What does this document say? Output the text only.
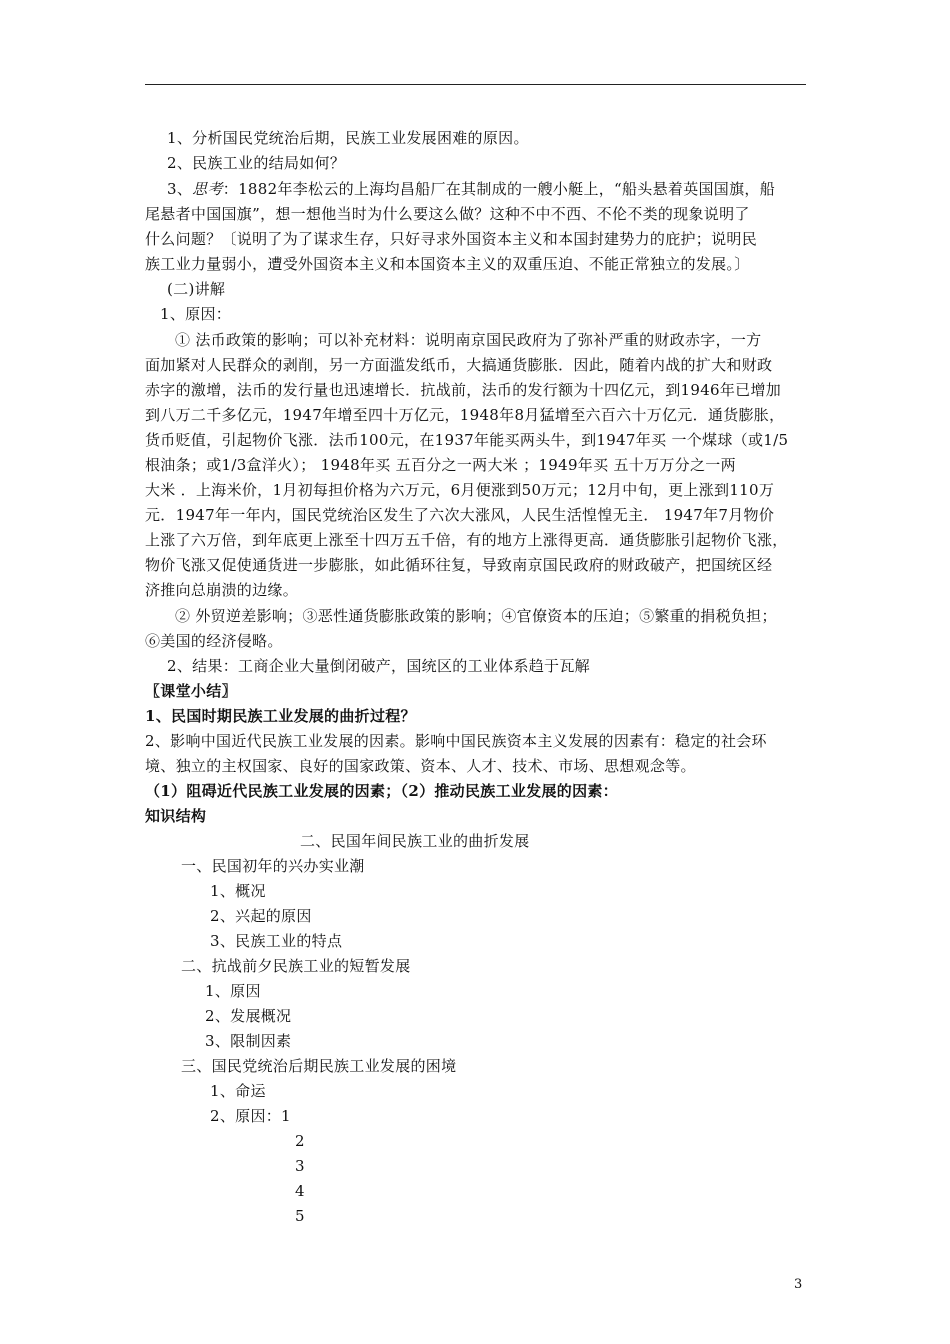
1、分析国民党统治后期，民族工业发展困难的原因。
2、民族工业的结局如何？
3、思考：1882年李松云的上海均昌船厂在其制成的一艘小艇上，“船头悬着英国国旗，船
尾悬者中国国旗”，想一想他当时为什么要这么做？这种不中不西、不伦不类的现象说明了
什么问题？〔说明了为了谋求生存，只好寻求外国资本主义和本国封建势力的庇护；说明民
族工业力量弱小，遭受外国资本主义和本国资本主义的双重压迫、不能正常独立的发展。〕
(二)讲解
1、原因：
① 法币政策的影响；可以补充材料：说明南京国民政府为了弥补严重的财政赤字，一方
面加紧对人民群众的剥削，另一方面滥发纸币，大搞通货膨胀．因此，随着内战的扩大和财政
赤字的激增，法币的发行量也迅速增长．抗战前，法币的发行额为十四亿元，到1946年已增加
到八万二千多亿元，1947年增至四十万亿元，1948年8月猛增至六百六十万亿元．通货膨胀，
货币贬值，引起物价飞涨．法币100元，在1937年能买两头牛，到1947年买 一个煤球（或1/5
根油条；或1/3盒洋火）； 1948年买 五百分之一两大米 ；1949年买 五十万万分之一两
大米 ．上海米价，1月初每担价格为六万元，6月便涨到50万元；12月中旬，更上涨到110万
元．1947年一年内，国民党统治区发生了六次大涨风，人民生活惶惶无主． 1947年7月物价
上涨了六万倍，到年底更上涨至十四万五千倍，有的地方上涨得更高．通货膨胀引起物价飞涨，
物价飞涨又促使通货进一步膨胀，如此循环往复，导致南京国民政府的财政破产，把国统区经
济推向总崩溃的边缘。
② 外贸逆差影响；③恶性通货膨胀政策的影响；④官僚资本的压迫；⑤繁重的捐税负担；
⑥美国的经济侵略。
2、结果：工商企业大量倒闭破产，国统区的工业体系趋于瓦解
〖课堂小结〗
1、民国时期民族工业发展的曲折过程？
2、影响中国近代民族工业发展的因素。影响中国民族资本主义发展的因素有：稳定的社会环
境、独立的主权国家、良好的国家政策、资本、人才、技术、市场、思想观念等。
（1）阻碍近代民族工业发展的因素；（2）推动民族工业发展的因素：
知识结构
二、民国年间民族工业的曲折发展
一、民国初年的兴办实业潮
1、概况
2、兴起的原因
3、民族工业的特点
二、抗战前夕民族工业的短暂发展
1、原因
2、发展概况
3、限制因素
三、国民党统治后期民族工业发展的困境
1、命运
2、原因：1
2
3
4
5
3
